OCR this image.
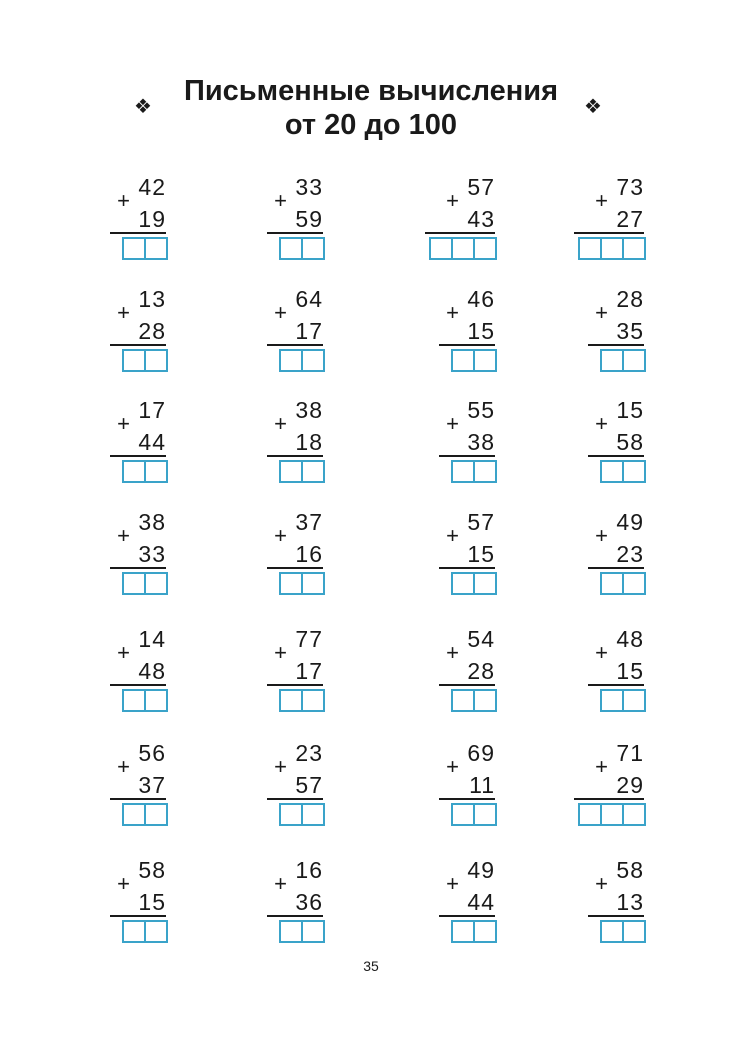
Письменные вычисления
от 20 до 100
❖	❖
42
+
19
33
+
59
57
+
43
73
+
27
13
+
28
64
+
17
46
+
15
28
+
35
17
+
44
38
+
18
55
+
38
15
+
58
38
+
33
37
+
16
57
+
15
49
+
23
14
+
48
77
+
17
54
+
28
48
+
15
56
+
37
23
+
57
69
+
11
71
+
29
58
+
15
16
+
36
49
+
44
58
+
13
35
